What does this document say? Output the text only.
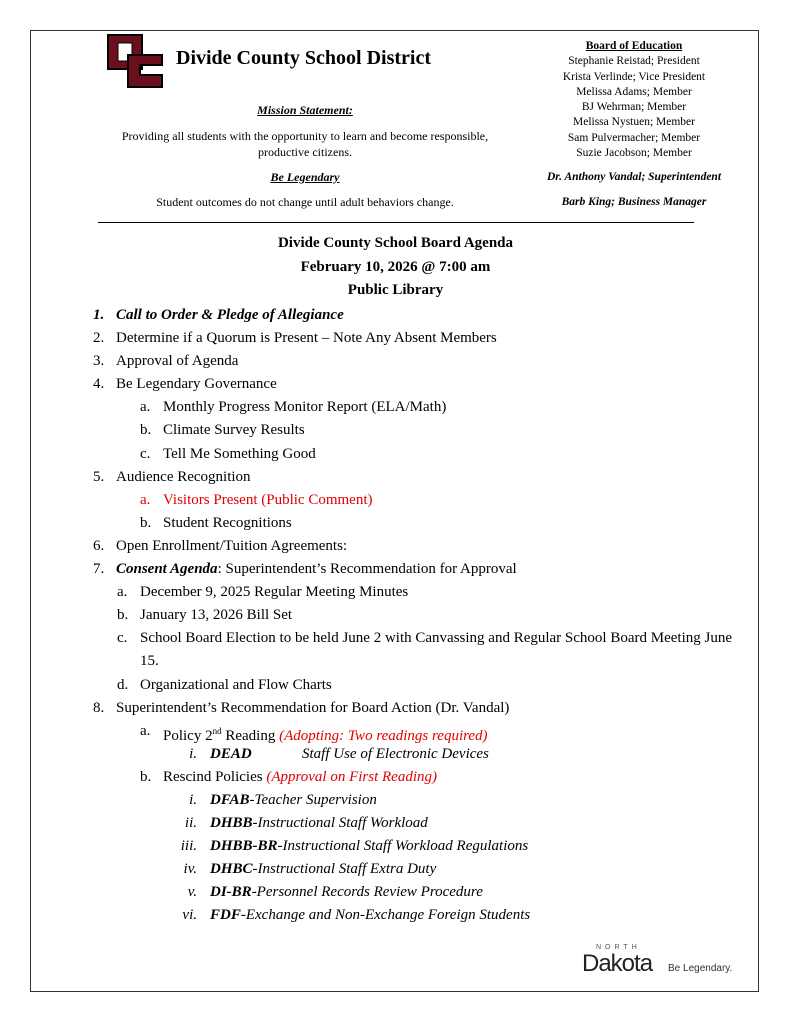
Divide County School District
Mission Statement:
Providing all students with the opportunity to learn and become responsible, productive citizens.
Be Legendary
Student outcomes do not change until adult behaviors change.
Board of Education
Stephanie Reistad; President
Krista Verlinde; Vice President
Melissa Adams; Member
BJ Wehrman; Member
Melissa Nystuen; Member
Sam Pulvermacher; Member
Suzie Jacobson; Member
Dr. Anthony Vandal; Superintendent
Barb King; Business Manager
Divide County School Board Agenda
February 10, 2026 @ 7:00 am
Public Library
1. Call to Order & Pledge of Allegiance
2. Determine if a Quorum is Present – Note Any Absent Members
3. Approval of Agenda
4. Be Legendary Governance
a. Monthly Progress Monitor Report (ELA/Math)
b. Climate Survey Results
c. Tell Me Something Good
5. Audience Recognition
a. Visitors Present (Public Comment)
b. Student Recognitions
6. Open Enrollment/Tuition Agreements:
7. Consent Agenda: Superintendent’s Recommendation for Approval
a. December 9, 2025 Regular Meeting Minutes
b. January 13, 2026 Bill Set
c. School Board Election to be held June 2 with Canvassing and Regular School Board Meeting June 15.
d. Organizational and Flow Charts
8. Superintendent’s Recommendation for Board Action (Dr. Vandal)
a. Policy 2nd Reading (Adopting: Two readings required)
i. DEAD	Staff Use of Electronic Devices
b. Rescind Policies (Approval on First Reading)
i. DFAB-Teacher Supervision
ii. DHBB-Instructional Staff Workload
iii. DHBB-BR-Instructional Staff Workload Regulations
iv. DHBC-Instructional Staff Extra Duty
v. DI-BR-Personnel Records Review Procedure
vi. FDF-Exchange and Non-Exchange Foreign Students
NORTH
Dakota Be Legendary.
